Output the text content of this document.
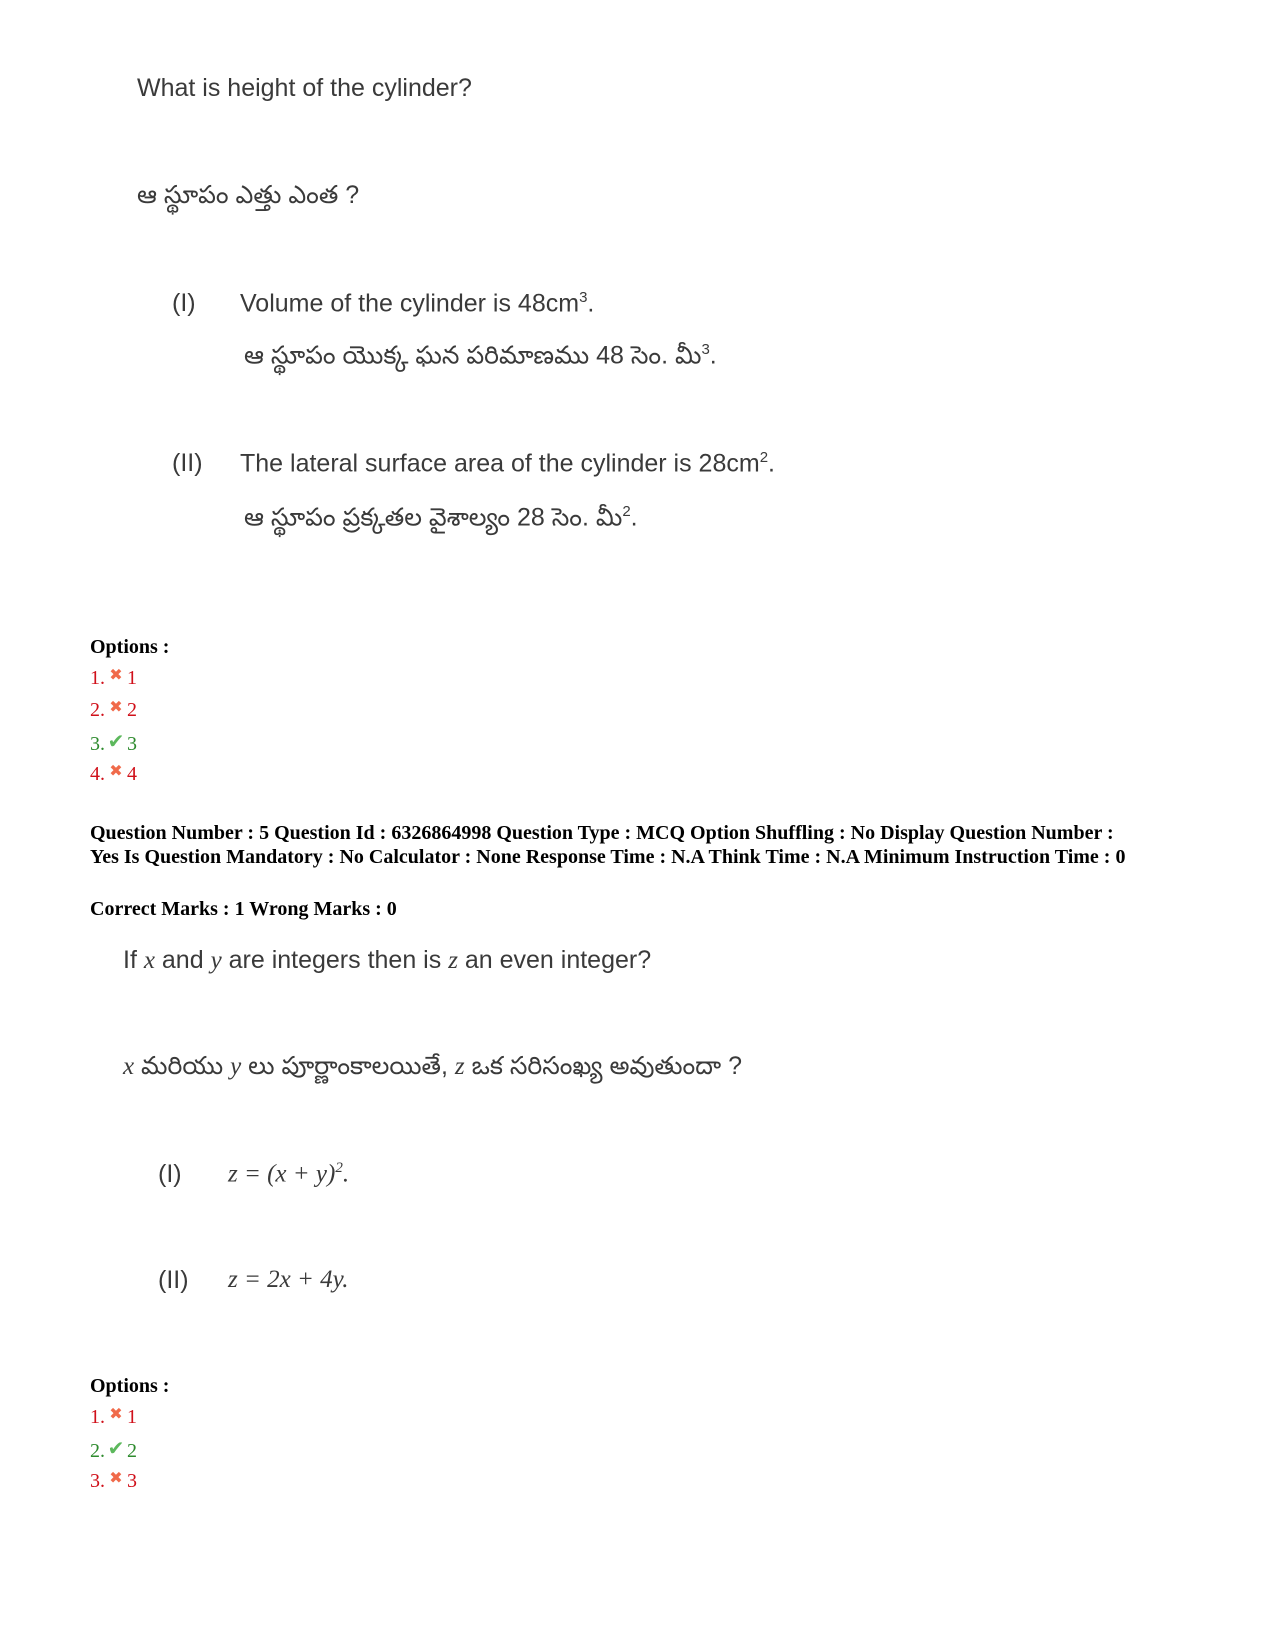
What is height of the cylinder?
ఆ స్థూపం ఎత్తు ఎంత ?
(I) Volume of the cylinder is $48cm^3$.
ఆ స్థూపం యొక్క ఘన పరిమాణము 48 సెం. మీ$^3$.
(II) The lateral surface area of the cylinder is $28cm^2$.
ఆ స్థూపం ప్రక్కతల వైశాల్యం 28 సెం. మీ$^2$.
Options :
1. ✖ 1
2. ✖ 2
3. ✔ 3
4. ✖ 4
Question Number : 5 Question Id : 6326864998 Question Type : MCQ Option Shuffling : No Display Question Number : Yes Is Question Mandatory : No Calculator : None Response Time : N.A Think Time : N.A Minimum Instruction Time : 0
Correct Marks : 1 Wrong Marks : 0
If x and y are integers then is z an even integer?
x మరియు y లు పూర్ణాంకాలయితే, z ఒక సరిసంఖ్య అవుతుందా ?
(I) $z = (x + y)^2$.
(II) z = 2x + 4y.
Options :
1. ✖ 1
2. ✔ 2
3. ✖ 3
